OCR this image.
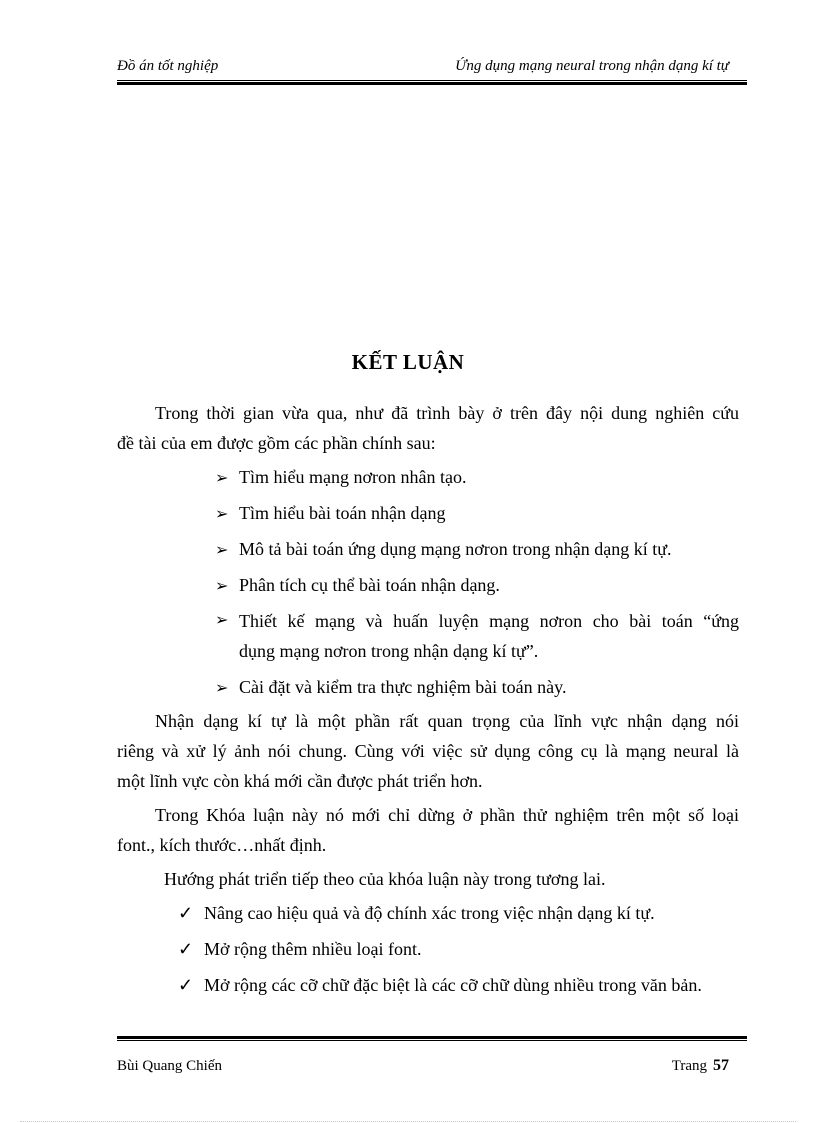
Đồ án tốt nghiệp	Ứng dụng mạng neural trong nhận dạng kí tự
KẾT LUẬN
Trong thời gian vừa qua, như đã trình bày ở trên đây nội dung nghiên cứu
đề tài của em được gồm các phần chính sau:
➢ Tìm hiểu mạng nơron nhân tạo.
➢ Tìm hiểu bài toán nhận dạng
➢ Mô tả bài toán ứng dụng mạng nơron trong nhận dạng kí tự.
➢ Phân tích cụ thể bài toán nhận dạng.
➢ Thiết kế mạng và huấn luyện mạng nơron cho bài toán “ứng
dụng mạng nơron trong nhận dạng kí tự”.
➢ Cài đặt và kiểm tra thực nghiệm bài toán này.
Nhận dạng kí tự là một phần rất quan trọng của lĩnh vực nhận dạng nói
riêng và xử lý ảnh nói chung. Cùng với việc sử dụng công cụ là mạng neural là
một lĩnh vực còn khá mới cần được phát triển hơn.
Trong Khóa luận này nó mới chỉ dừng ở phần thử nghiệm trên một số loại
font., kích thước…nhất định.
Hướng phát triển tiếp theo của khóa luận này trong tương lai.
✓ Nâng cao hiệu quả và độ chính xác trong việc nhận dạng kí tự.
✓ Mở rộng thêm nhiều loại font.
✓ Mở rộng các cỡ chữ đặc biệt là các cỡ chữ dùng nhiều trong văn bản.
Bùi Quang Chiến	Trang 57
